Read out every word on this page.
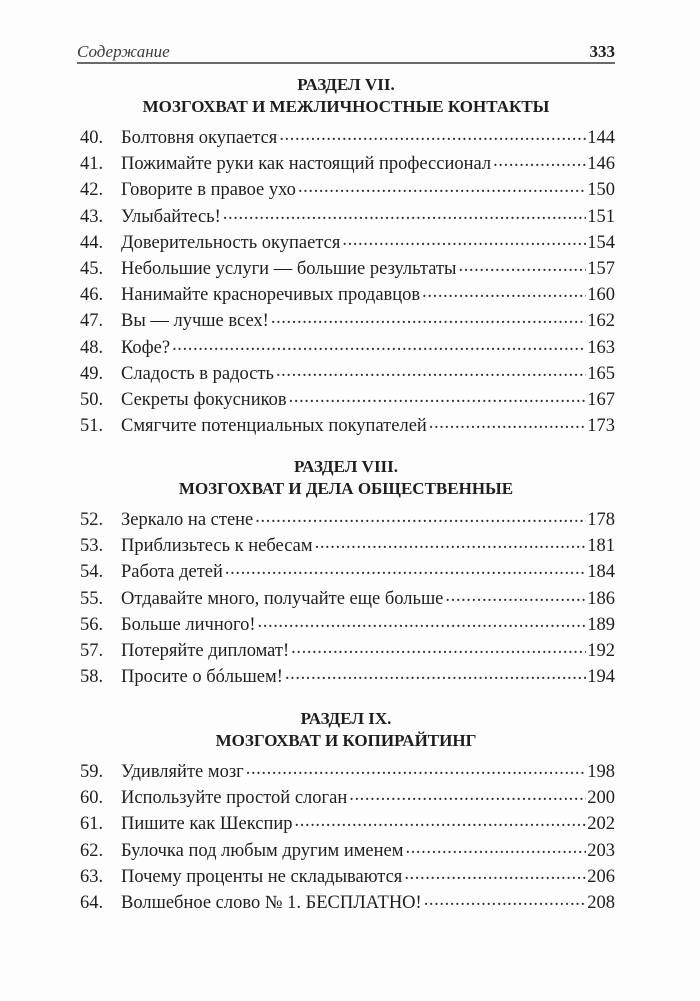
Содержание	333

РАЗДЕЛ VII.

МОЗГОХВАТ И МЕЖЛИЧНОСТНЫЕ КОНТАКТЫ

40. Болтовня окупается .....	144
41. Пожимайте руки как настоящий профессионал .....	146
42. Говорите в правое ухо .....	150
43. Улыбайтесь! .....	151
44. Доверительность окупается .....	154
45. Небольшие услуги — большие результаты .....	157
46. Нанимайте красноречивых продавцов .....	160
47. Вы — лучше всех! .....	162
48. Кофе? .....	163
49. Сладость в радость .....	165
50. Секреты фокусников .....	167
51. Смягчите потенциальных покупателей .....	173

РАЗДЕЛ VIII.

МОЗГОХВАТ И ДЕЛА ОБЩЕСТВЕННЫЕ

52. Зеркало на стене .....	178
53. Приблизьтесь к небесам .....	181
54. Работа детей .....	184
55. Отдавайте много, получайте еще больше .....	186
56. Больше личного! .....	189
57. Потеряйте дипломат! .....	192
58. Просите о бóльшем! .....	194

РАЗДЕЛ IX.

МОЗГОХВАТ И КОПИРАЙТИНГ

59. Удивляйте мозг .....	198
60. Используйте простой слоган .....	200
61. Пишите как Шекспир .....	202
62. Булочка под любым другим именем .....	203
63. Почему проценты не складываются .....	206
64. Волшебное слово № 1. БЕСПЛАТНО! .....	208
